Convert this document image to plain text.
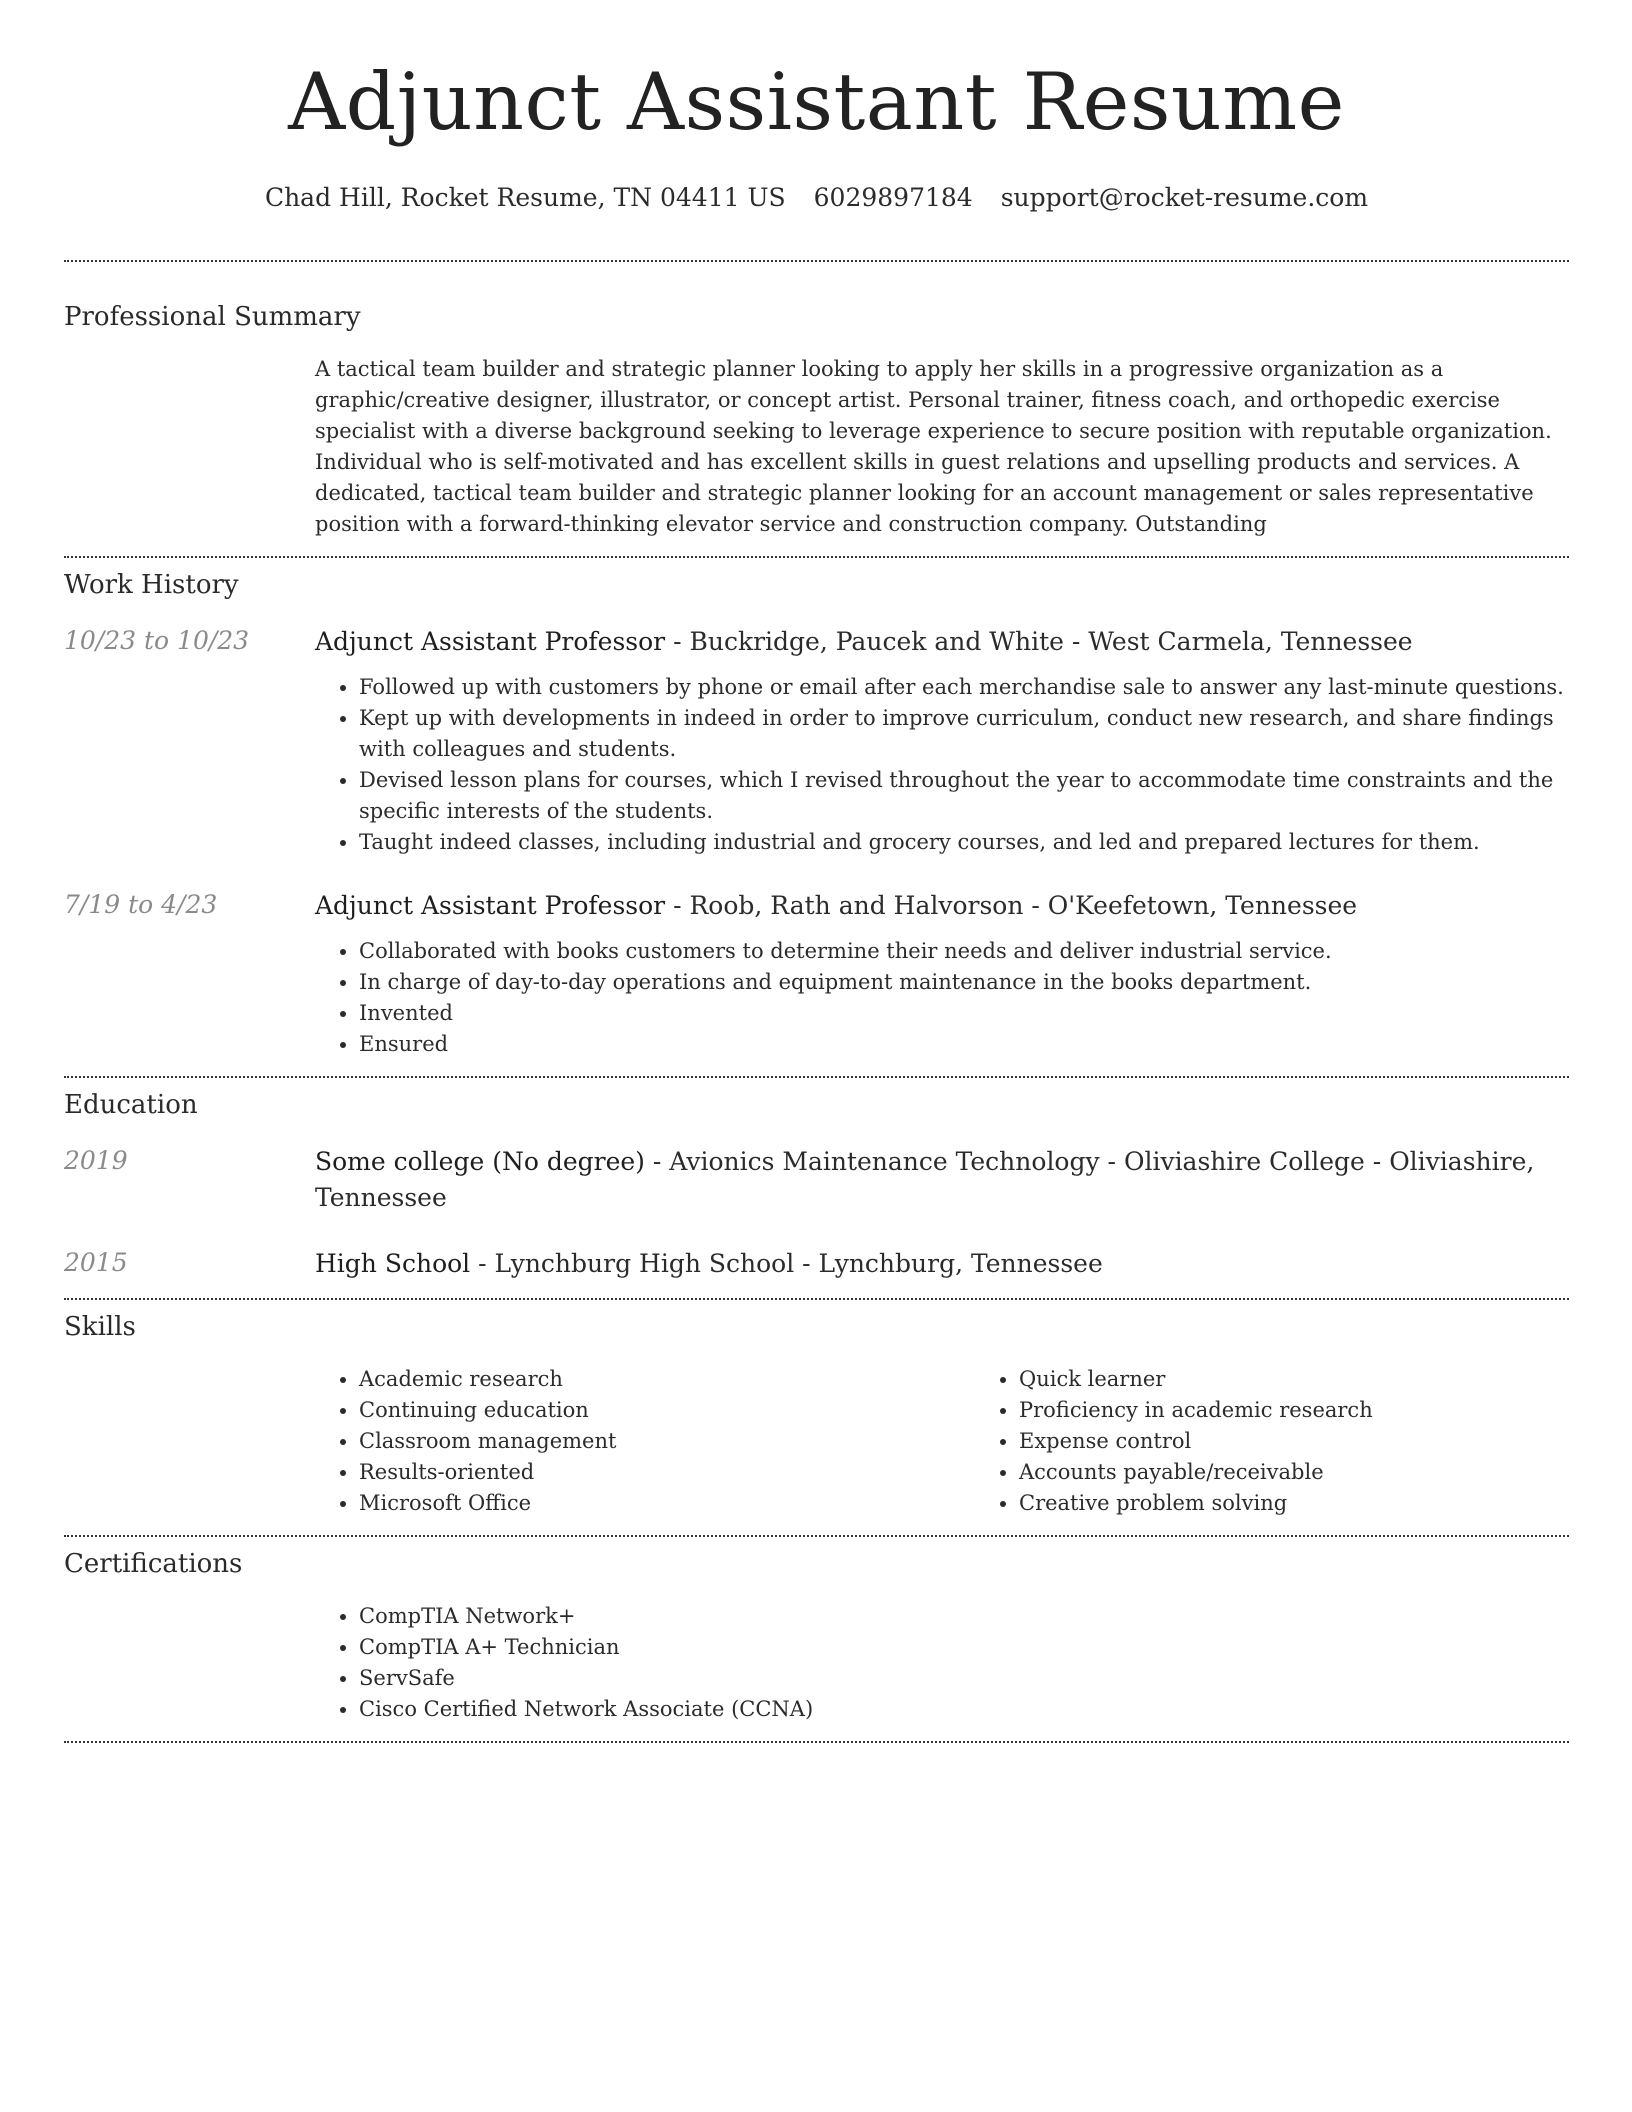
Adjunct Assistant Resume
Chad Hill, Rocket Resume, TN 04411 US 6029897184 support@rocket-resume.com
Professional Summary

A tactical team builder and strategic planner looking to apply her skills in a progressive organization as a graphic/creative designer, illustrator, or concept artist. Personal trainer, fitness coach, and orthopedic exercise specialist with a diverse background seeking to leverage experience to secure position with reputable organization. Individual who is self-motivated and has excellent skills in guest relations and upselling products and services. A dedicated, tactical team builder and strategic planner looking for an account management or sales representative position with a forward-thinking elevator service and construction company. Outstanding

Work History
10/23 to 10/23	Adjunct Assistant Professor - Buckridge, Paucek and White - West Carmela, Tennessee
• Followed up with customers by phone or email after each merchandise sale to answer any last-minute questions.
• Kept up with developments in indeed in order to improve curriculum, conduct new research, and share findings with colleagues and students.
• Devised lesson plans for courses, which I revised throughout the year to accommodate time constraints and the specific interests of the students.
• Taught indeed classes, including industrial and grocery courses, and led and prepared lectures for them.
7/19 to 4/23	Adjunct Assistant Professor - Roob, Rath and Halvorson - O'Keefetown, Tennessee
• Collaborated with books customers to determine their needs and deliver industrial service.
• In charge of day-to-day operations and equipment maintenance in the books department.
• Invented
• Ensured
Education
2019	Some college (No degree) - Avionics Maintenance Technology - Oliviashire College - Oliviashire, Tennessee
2015	High School - Lynchburg High School - Lynchburg, Tennessee
Skills
• Academic research
• Continuing education
• Classroom management
• Results-oriented
• Microsoft Office
• Quick learner
• Proficiency in academic research
• Expense control
• Accounts payable/receivable
• Creative problem solving
Certifications
• CompTIA Network+
• CompTIA A+ Technician
• ServSafe
• Cisco Certified Network Associate (CCNA)
